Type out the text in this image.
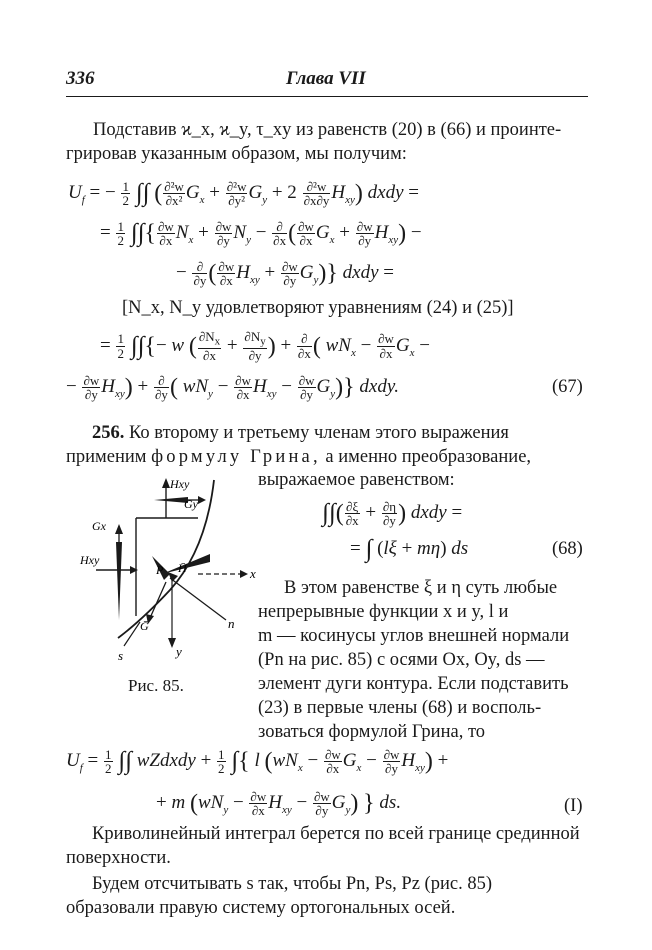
336	Глава VII
Подставив ϰ_x, ϰ_y, τ_xy из равенств (20) в (66) и проинте-
грировав указанным образом, мы получим:
$U_f$ = − $\frac{1}{2}$ ∫∫ ( $\frac{\text{∂²w}}{\text{∂x²}} G_x + \frac{\text{∂²w}}{\text{∂y²}} G_y + 2 \frac{\text{∂²w}}{\partial x\partial y} H_{xy}$) dxdy =
= $\frac{1}{2}$ ∫∫{ $\frac{\partial w}{\partial x} N_x + \frac{\partial w}{\partial y} N_y$ − ∂
∂x ( $\frac{\partial w}{\partial x} G_x + \frac{\partial w}{\partial y} H_{xy}$) −
− ∂
∂y ( $\frac{\partial w}{\partial x} H_{xy} + \frac{\partial w}{\partial y} G_y$)} dxdy =
[N_x, N_y удовлетворяют уравнениям (24) и (25)]
= $\frac{1}{2}$ ∫∫{− w ( $\frac{\partial N_x}{\partial x} + \frac{\partial N_y}{\partial y}$ ) + ∂
∂x ( $wN_x - \frac{\partial w}{\partial x} G_x$ −
− $\frac{\partial w}{\partial y} H_{xy}$) + ∂
∂y ( $wN_y - \frac{\partial w}{\partial x} H_{xy} - \frac{\partial w}{\partial y} G_y$)} dxdy.	(67)
256. Ко второму и третьему членам этого выражения
применим формулу Грина, а именно преобразование,
выражаемое равенством:
∫∫( $\frac{\partial\xi}{\partial x} + \frac{\partial\eta}{\partial y}$ ) dxdy =
= ∫ (lξ + mη) ds	(68)
Hxy
Gy
Gx
Hxy
P H̄	x
n
Ḡ
y
s
Рис. 85.
В этом равенстве ξ и η суть любые
непрерывные функции x и y, l и
m — косинусы углов внешней нормали
(Pn на рис. 85) с осями Ox, Oy, ds —
элемент дуги контура. Если подставить
(23) в первые члены (68) и восполь-
зоваться формулой Грина, то
$U_f = \frac{1}{2}$ ∫∫ wZdxdy + $\frac{1}{2}$ ∫{ l $(wN_x - \frac{\partial w}{\partial x} G_x - \frac{\partial w}{\partial y} H_{xy})$ +
+ m $(wN_y - \frac{\partial w}{\partial x} H_{xy} - \frac{\partial w}{\partial y} G_y)$ } ds.	(I)
Криволинейный интеграл берется по всей границе срединной
поверхности.
Будем отсчитывать s так, чтобы Pn, Ps, Pz (рис. 85)
образовали правую систему ортогональных осей.
